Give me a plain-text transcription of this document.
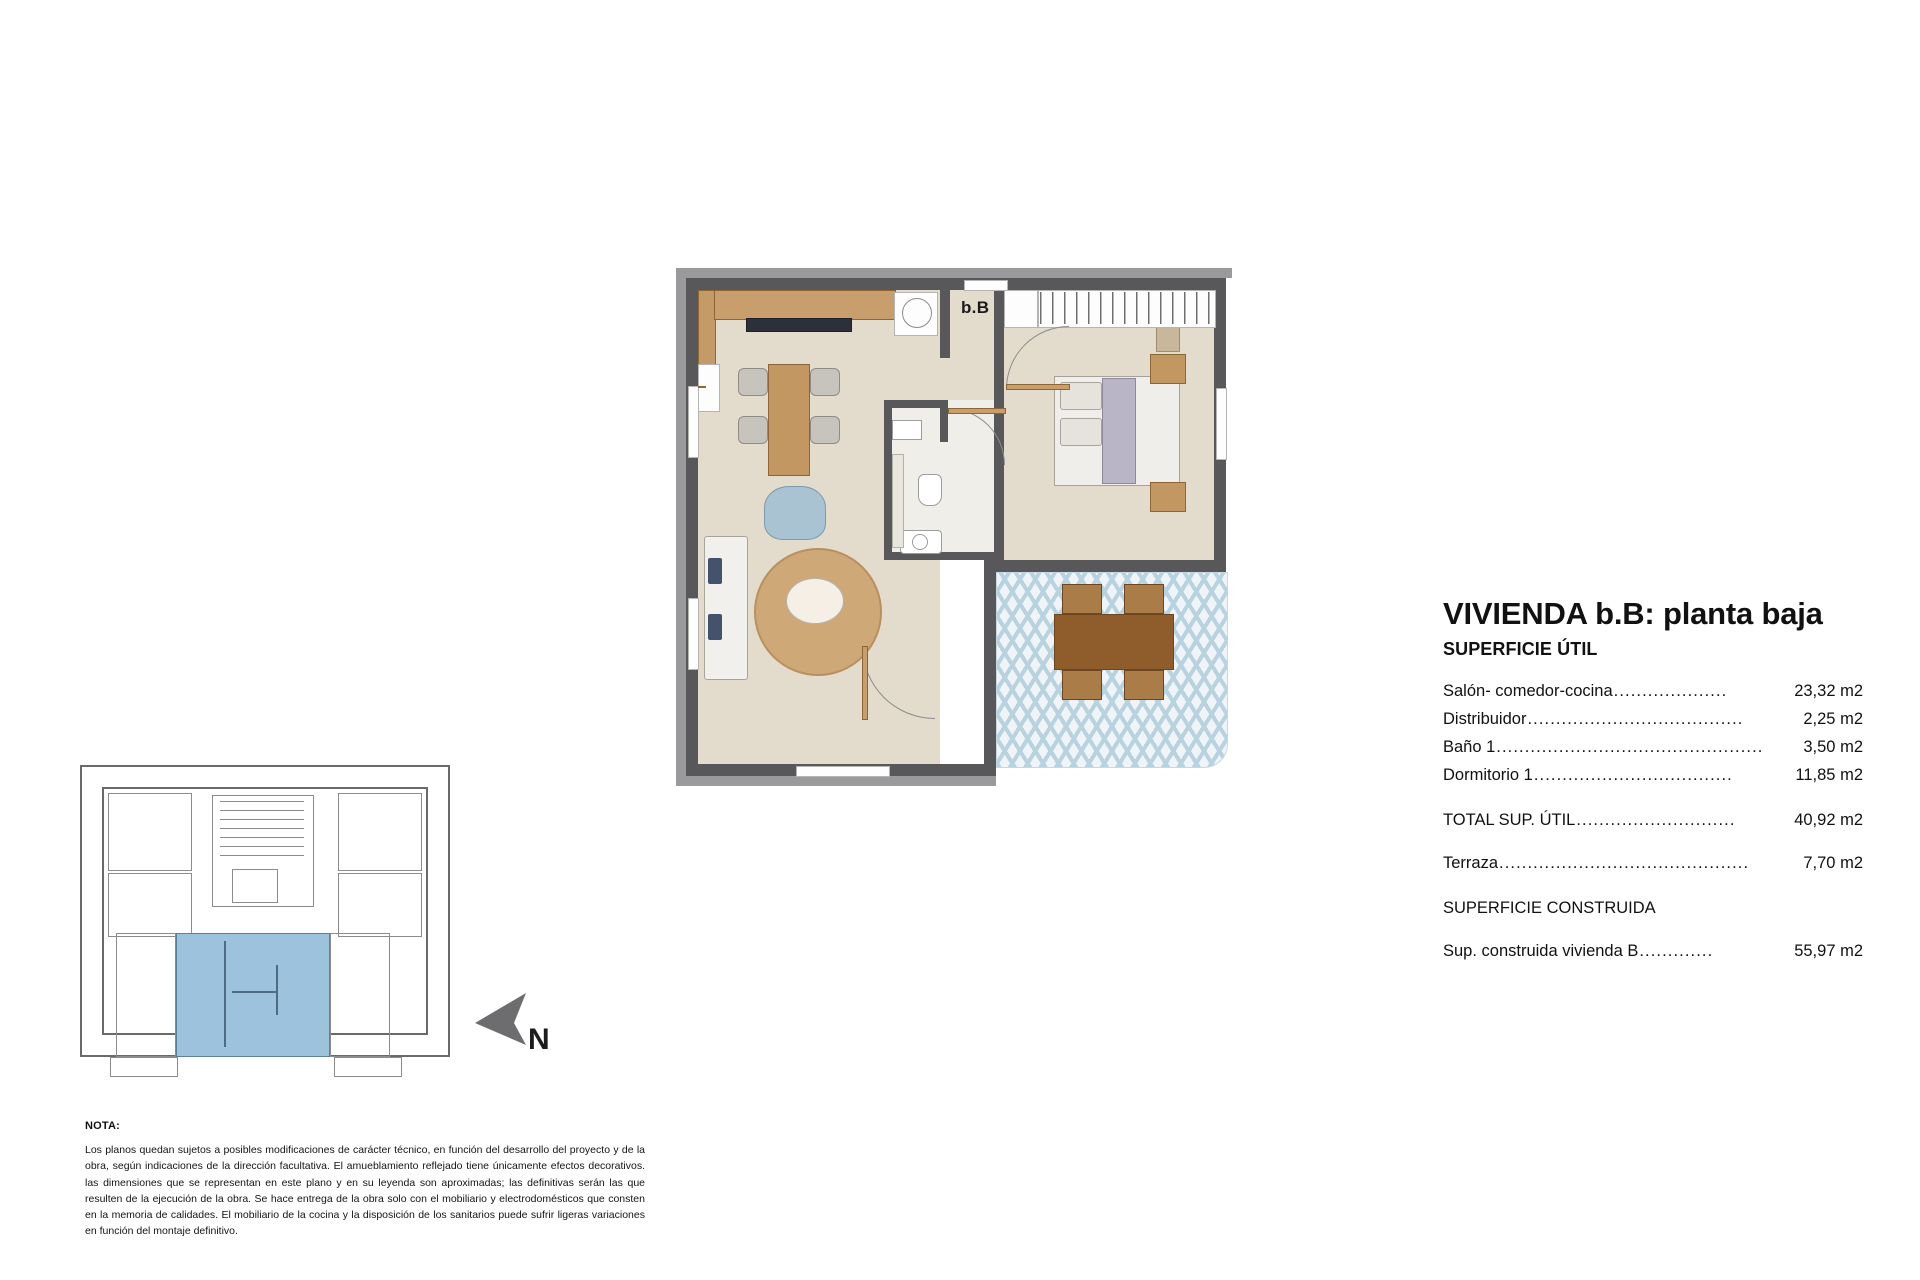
b.B
N
NOTA:
Los planos quedan sujetos a posibles modificaciones de carácter técnico, en función del desarrollo del proyecto y de la obra, según indicaciones de la dirección facultativa. El amueblamiento reflejado tiene únicamente efectos decorativos. las dimensiones que se representan en este plano y en su leyenda son aproximadas; las definitivas serán las que resulten de la ejecución de la obra. Se hace entrega de la obra solo con el mobiliario y electrodomésticos que consten en la memoria de calidades. El mobiliario de la cocina y la disposición de los sanitarios puede sufrir ligeras variaciones en función del montaje definitivo.
VIVIENDA b.B: planta baja
SUPERFICIE ÚTIL
Salón- comedor-cocina ....................	23,32 m2
Distribuidor ......................................	2,25 m2
Baño 1 ...............................................	3,50 m2
Dormitorio 1 ...................................	11,85 m2
TOTAL SUP. ÚTIL ............................	40,92 m2
Terraza ............................................	7,70 m2
SUPERFICIE CONSTRUIDA
Sup. construida vivienda B .............	55,97 m2
